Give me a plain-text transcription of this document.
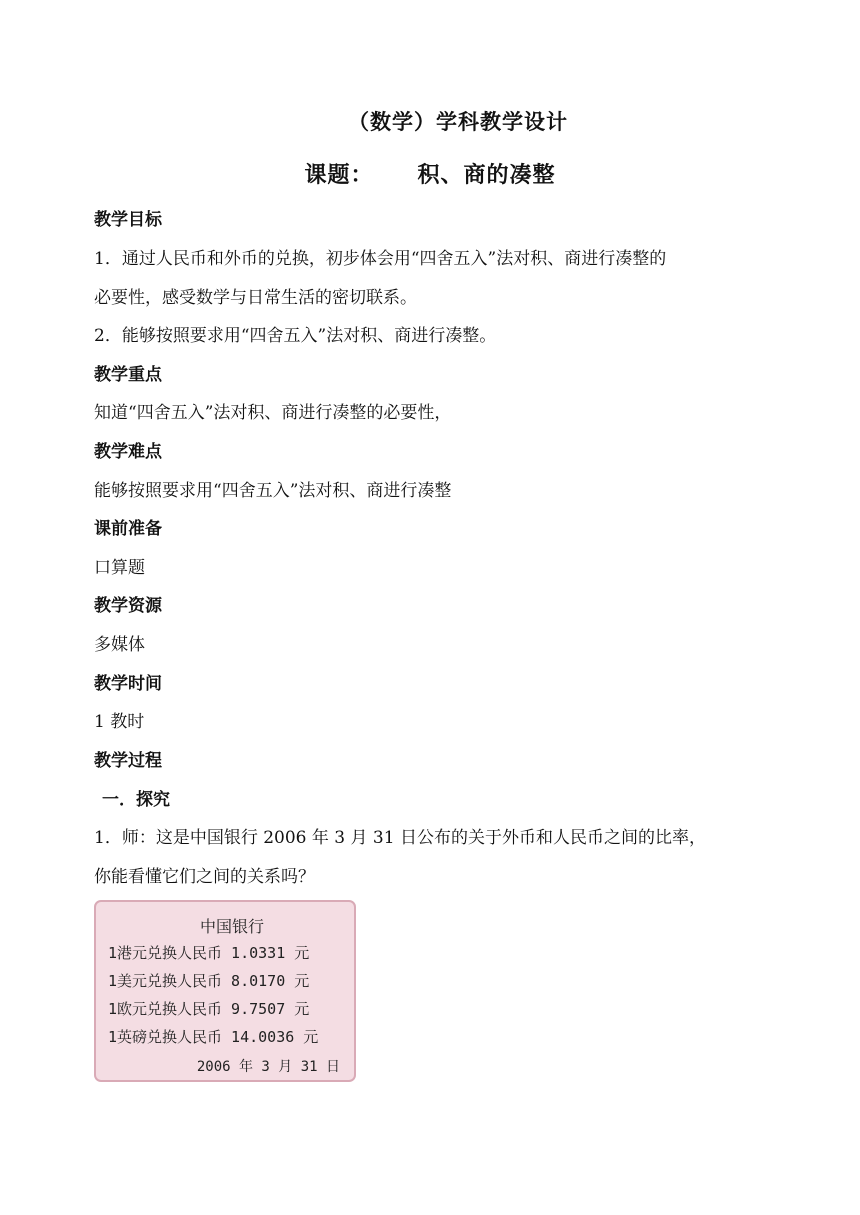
（数学）学科教学设计
课题： 积、商的凑整
教学目标
1．通过人民币和外币的兑换，初步体会用“四舍五入”法对积、商进行凑整的
必要性，感受数学与日常生活的密切联系。
2．能够按照要求用“四舍五入”法对积、商进行凑整。
教学重点
知道“四舍五入”法对积、商进行凑整的必要性，
教学难点
能够按照要求用“四舍五入”法对积、商进行凑整
课前准备
口算题
教学资源
多媒体
教学时间
1 教时
教学过程
一．探究
1．师：这是中国银行 2006 年 3 月 31 日公布的关于外币和人民币之间的比率，
你能看懂它们之间的关系吗？
中国银行
1港元兑换人民币 1.0331 元
1美元兑换人民币 8.0170 元
1欧元兑换人民币 9.7507 元
1英磅兑换人民币 14.0036 元
2006 年 3 月 31 日
